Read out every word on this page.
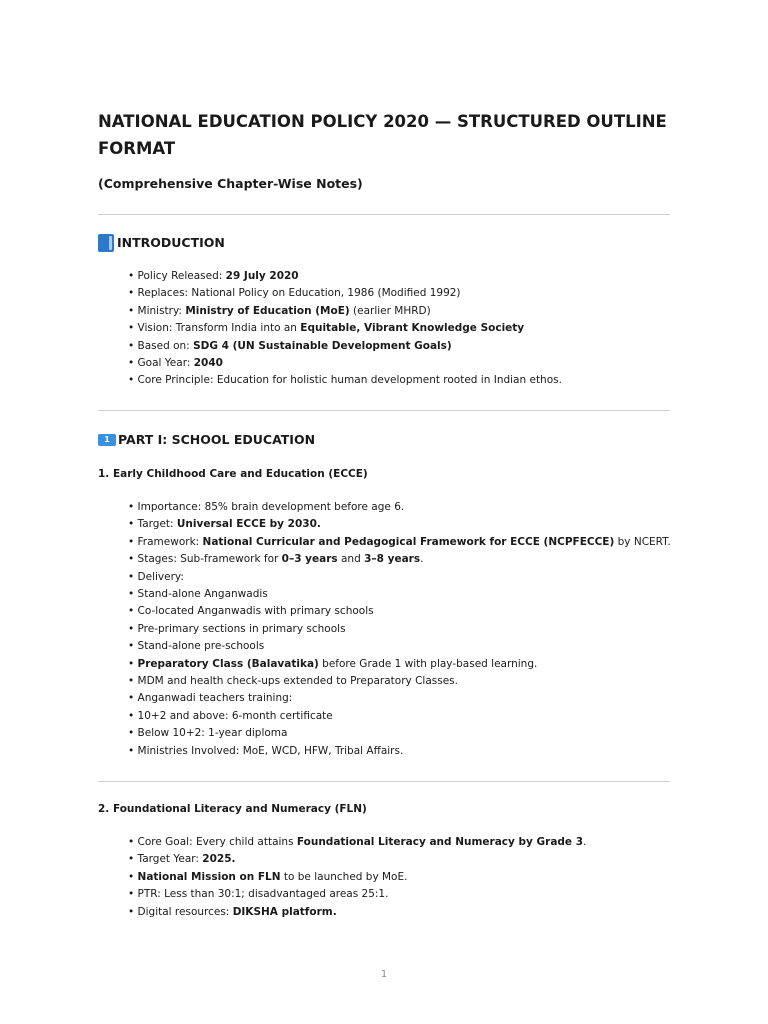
NATIONAL EDUCATION POLICY 2020 — STRUCTURED OUTLINE FORMAT
(Comprehensive Chapter-Wise Notes)
INTRODUCTION
• Policy Released: 29 July 2020
• Replaces: National Policy on Education, 1986 (Modified 1992)
• Ministry: Ministry of Education (MoE) (earlier MHRD)
• Vision: Transform India into an Equitable, Vibrant Knowledge Society
• Based on: SDG 4 (UN Sustainable Development Goals)
• Goal Year: 2040
• Core Principle: Education for holistic human development rooted in Indian ethos.
1 PART I: SCHOOL EDUCATION
1. Early Childhood Care and Education (ECCE)
• Importance: 85% brain development before age 6.
• Target: Universal ECCE by 2030.
• Framework: National Curricular and Pedagogical Framework for ECCE (NCPFECCE) by NCERT.
• Stages: Sub-framework for 0–3 years and 3–8 years.
• Delivery:
• Stand-alone Anganwadis
• Co-located Anganwadis with primary schools
• Pre-primary sections in primary schools
• Stand-alone pre-schools
• Preparatory Class (Balavatika) before Grade 1 with play-based learning.
• MDM and health check-ups extended to Preparatory Classes.
• Anganwadi teachers training:
• 10+2 and above: 6-month certificate
• Below 10+2: 1-year diploma
• Ministries Involved: MoE, WCD, HFW, Tribal Affairs.
2. Foundational Literacy and Numeracy (FLN)
• Core Goal: Every child attains Foundational Literacy and Numeracy by Grade 3.
• Target Year: 2025.
• National Mission on FLN to be launched by MoE.
• PTR: Less than 30:1; disadvantaged areas 25:1.
• Digital resources: DIKSHA platform.
1
